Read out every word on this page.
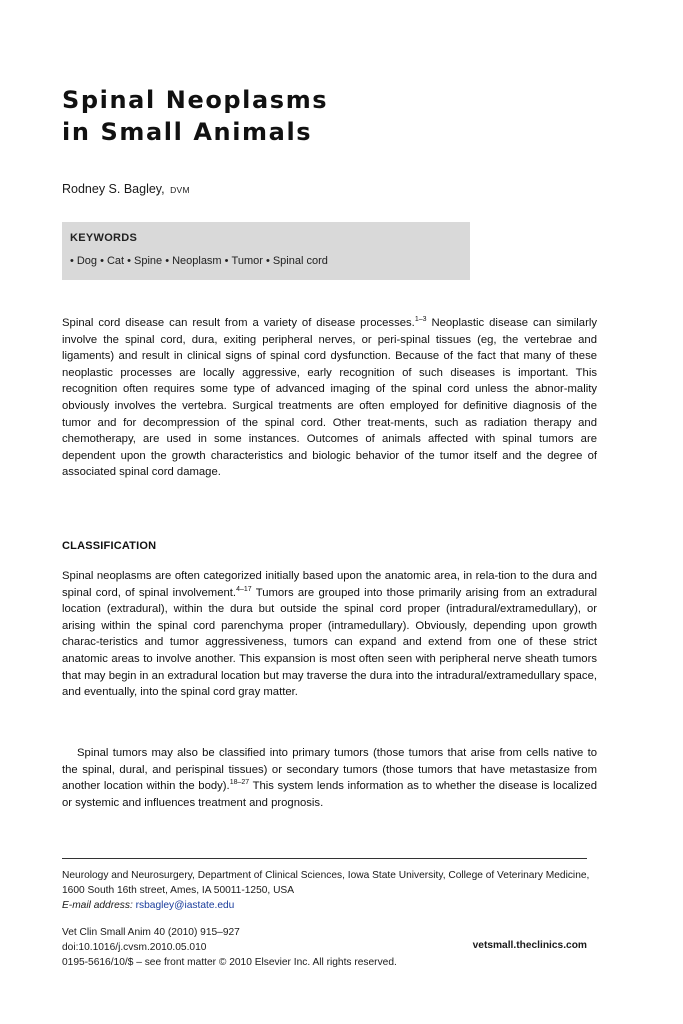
Spinal Neoplasms
in Small Animals
Rodney S. Bagley, DVM
KEYWORDS
• Dog • Cat • Spine • Neoplasm • Tumor • Spinal cord

Spinal cord disease can result from a variety of disease processes.$^{1-3}$ Neoplastic disease can similarly involve the spinal cord, dura, exiting peripheral nerves, or peri-spinal tissues (eg, the vertebrae and ligaments) and result in clinical signs of spinal cord dysfunction. Because of the fact that many of these neoplastic processes are locally aggressive, early recognition of such diseases is important. This recognition often requires some type of advanced imaging of the spinal cord unless the abnor-mality obviously involves the vertebra. Surgical treatments are often employed for definitive diagnosis of the tumor and for decompression of the spinal cord. Other treat-ments, such as radiation therapy and chemotherapy, are used in some instances. Outcomes of animals affected with spinal tumors are dependent upon the growth characteristics and biologic behavior of the tumor itself and the degree of associated spinal cord damage.

CLASSIFICATION

Spinal neoplasms are often categorized initially based upon the anatomic area, in rela-tion to the dura and spinal cord, of spinal involvement.$^{4-17}$ Tumors are grouped into those primarily arising from an extradural location (extradural), within the dura but outside the spinal cord proper (intradural/extramedullary), or arising within the spinal cord parenchyma proper (intramedullary). Obviously, depending upon growth charac-teristics and tumor aggressiveness, tumors can expand and extend from one of these strict anatomic areas to involve another. This expansion is most often seen with peripheral nerve sheath tumors that may begin in an extradural location but may traverse the dura into the intradural/extramedullary space, and eventually, into the spinal cord gray matter.

Spinal tumors may also be classified into primary tumors (those tumors that arise from cells native to the spinal, dural, and perispinal tissues) or secondary tumors (those tumors that have metastasize from another location within the body).$^{18-27}$ This system lends information as to whether the disease is localized or systemic and influences treatment and prognosis.

Neurology and Neurosurgery, Department of Clinical Sciences, Iowa State University, College of Veterinary Medicine, 1600 South 16th street, Ames, IA 50011-1250, USA

E-mail address: rsbagley@iastate.edu

Vet Clin Small Anim 40 (2010) 915–927

doi:10.1016/j.cvsm.2010.05.010	vetsmall.theclinics.com

0195-5616/10/$ – see front matter © 2010 Elsevier Inc. All rights reserved.
